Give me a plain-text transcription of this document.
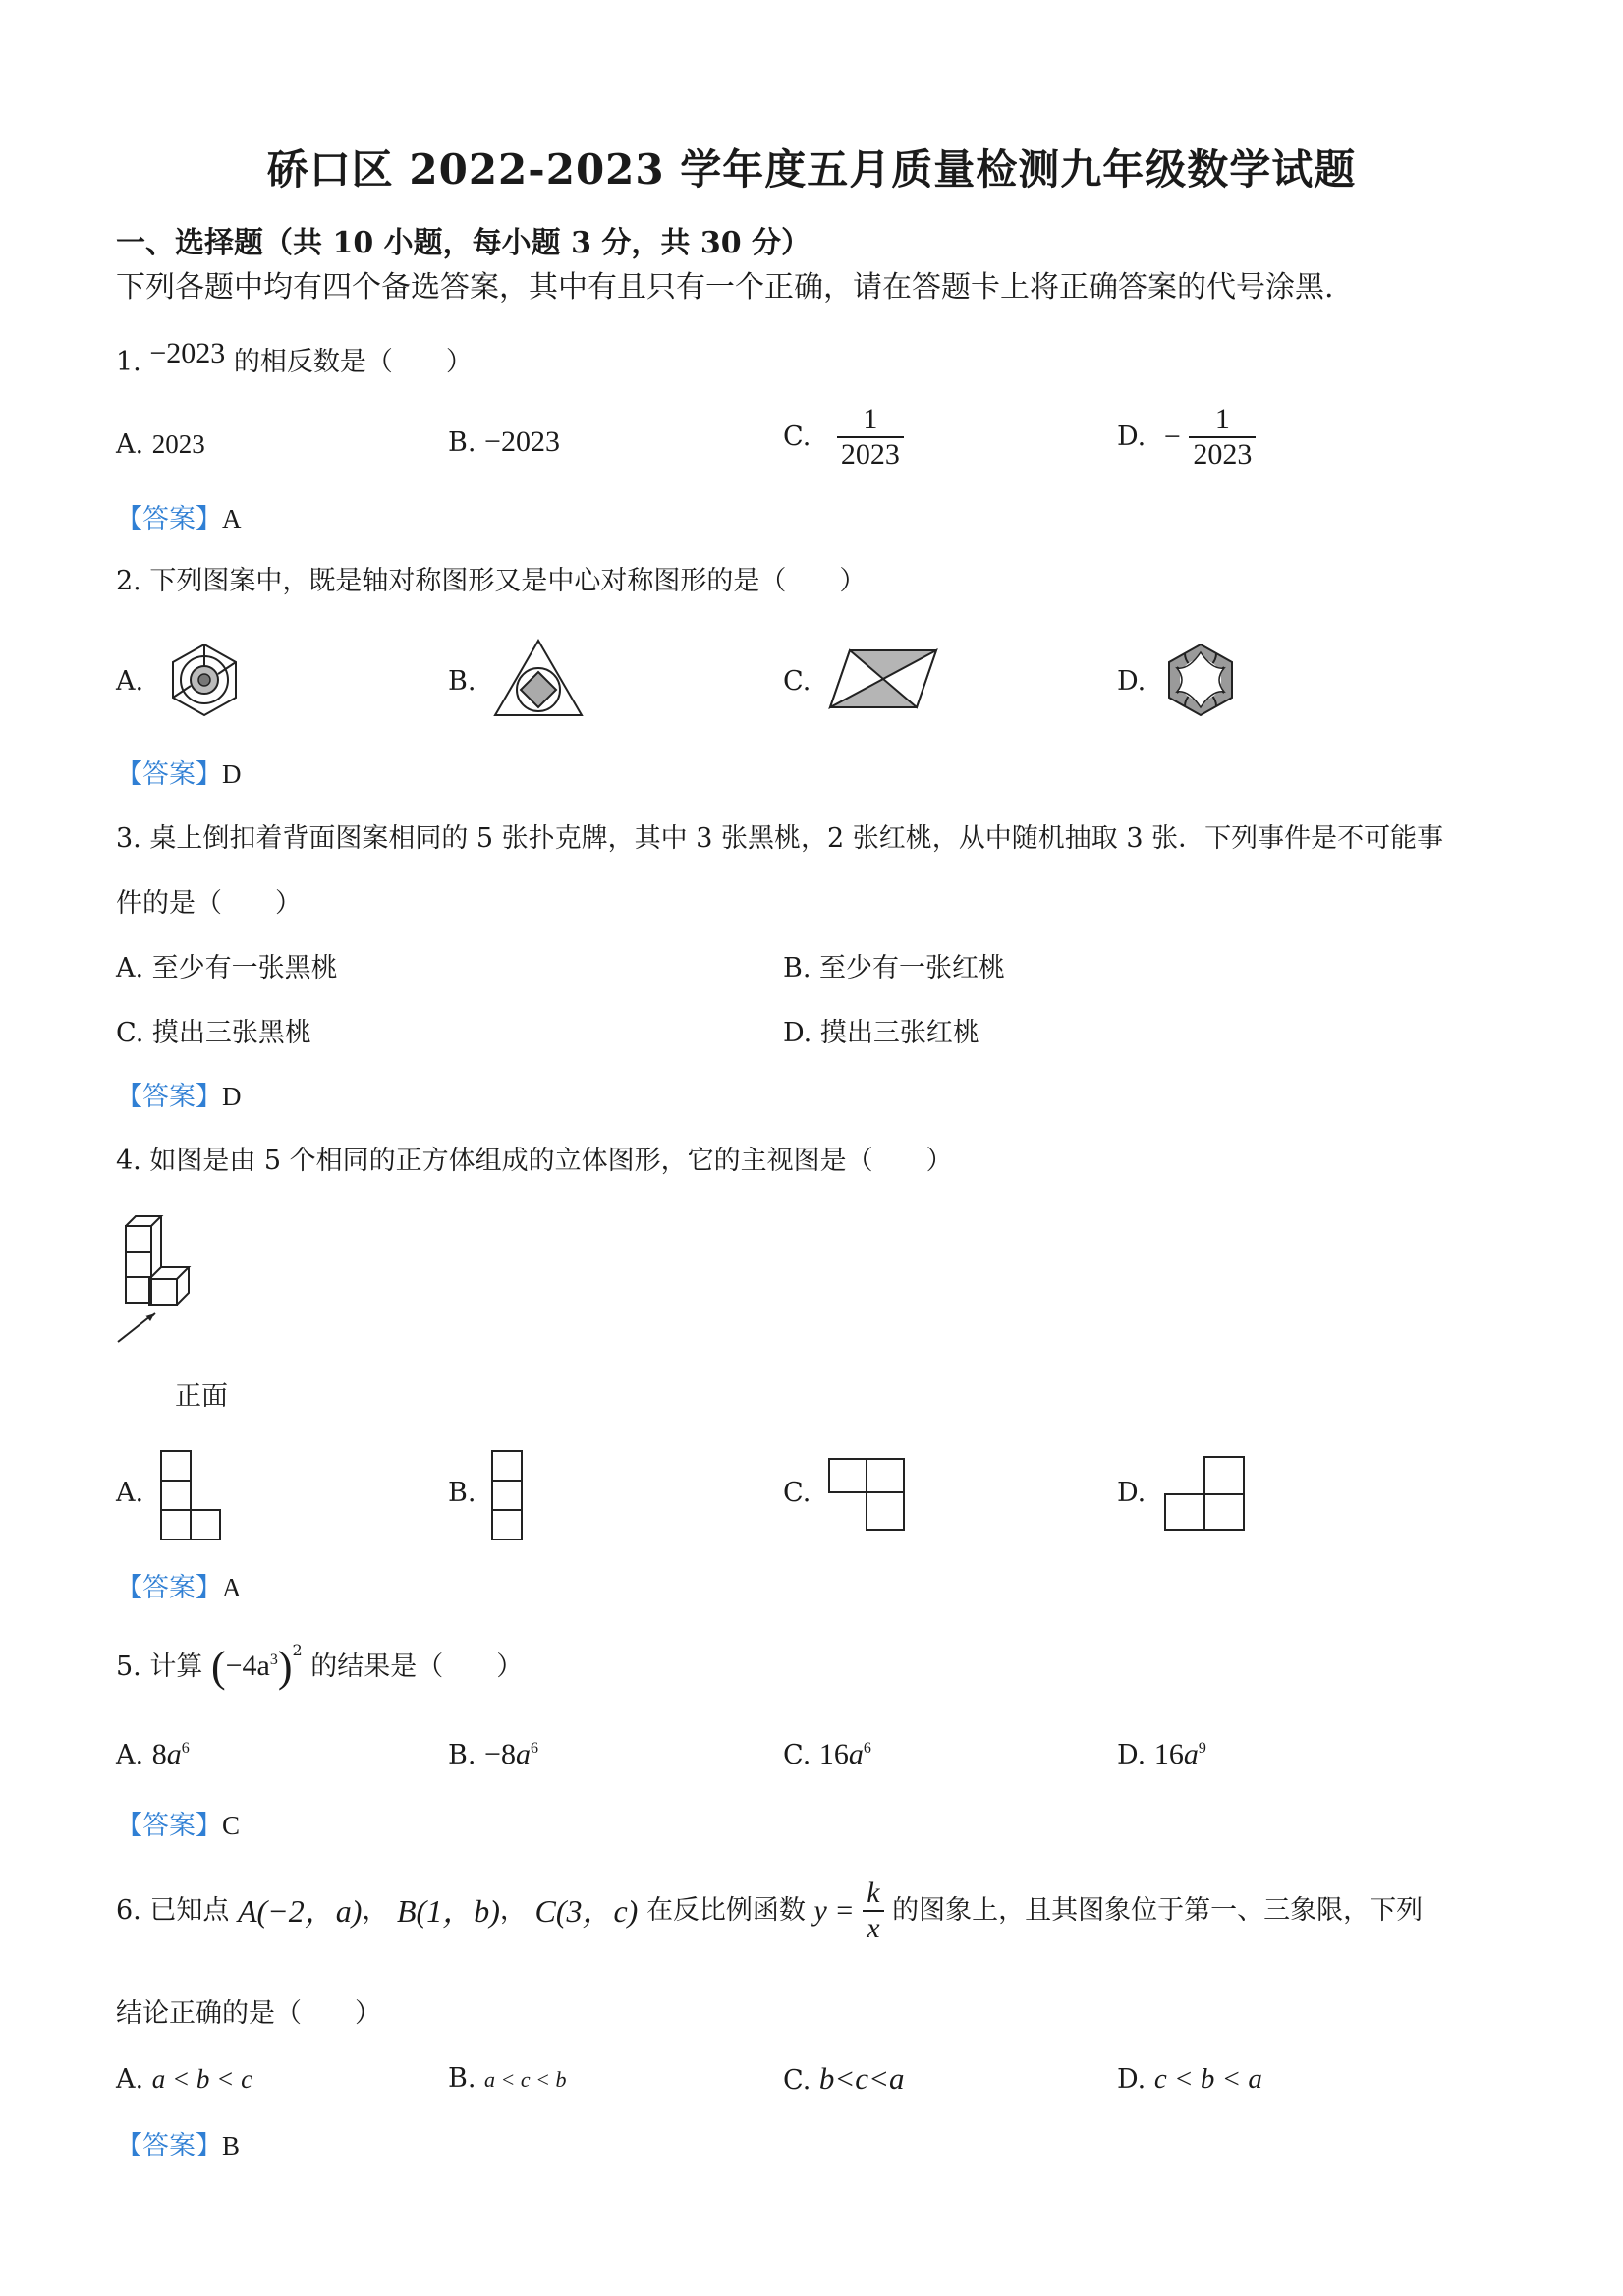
硚口区 2022-2023 学年度五月质量检测九年级数学试题
一、选择题（共 10 小题，每小题 3 分，共 30 分）
下列各题中均有四个备选答案，其中有且只有一个正确，请在答题卡上将正确答案的代号涂黑.
1. −2023 的相反数是（　　）
A. 2023	B. −2023	C. $\frac{1}{2023}$	D. − $\frac{1}{2023}$
【答案】A
2. 下列图案中，既是轴对称图形又是中心对称图形的是（　　）
A.	B.	C.	D.
【答案】D
3. 桌上倒扣着背面图案相同的 5 张扑克牌，其中 3 张黑桃，2 张红桃，从中随机抽取 3 张．下列事件是不可能事
件的是（　　）
A. 至少有一张黑桃	B. 至少有一张红桃
C. 摸出三张黑桃	D. 摸出三张红桃
【答案】D
4. 如图是由 5 个相同的正方体组成的立体图形，它的主视图是（　　）
正面
A.	B.	C.	D.
【答案】A
5. 计算 $(-4a^3)^2$ 的结果是（　　）
A. $8a^6$	B. $-8a^6$	C. $16a^6$	D. $16a^9$
【答案】C
6. 已知点 A(−2，a)， B(1，b)， C(3，c) 在反比例函数 $y = \frac{k}{x}$ 的图象上，且其图象位于第一、三象限，下列
结论正确的是（　　）
A. a < b < c	B. a < c < b	C. b<c<a	D. c < b < a
【答案】B
